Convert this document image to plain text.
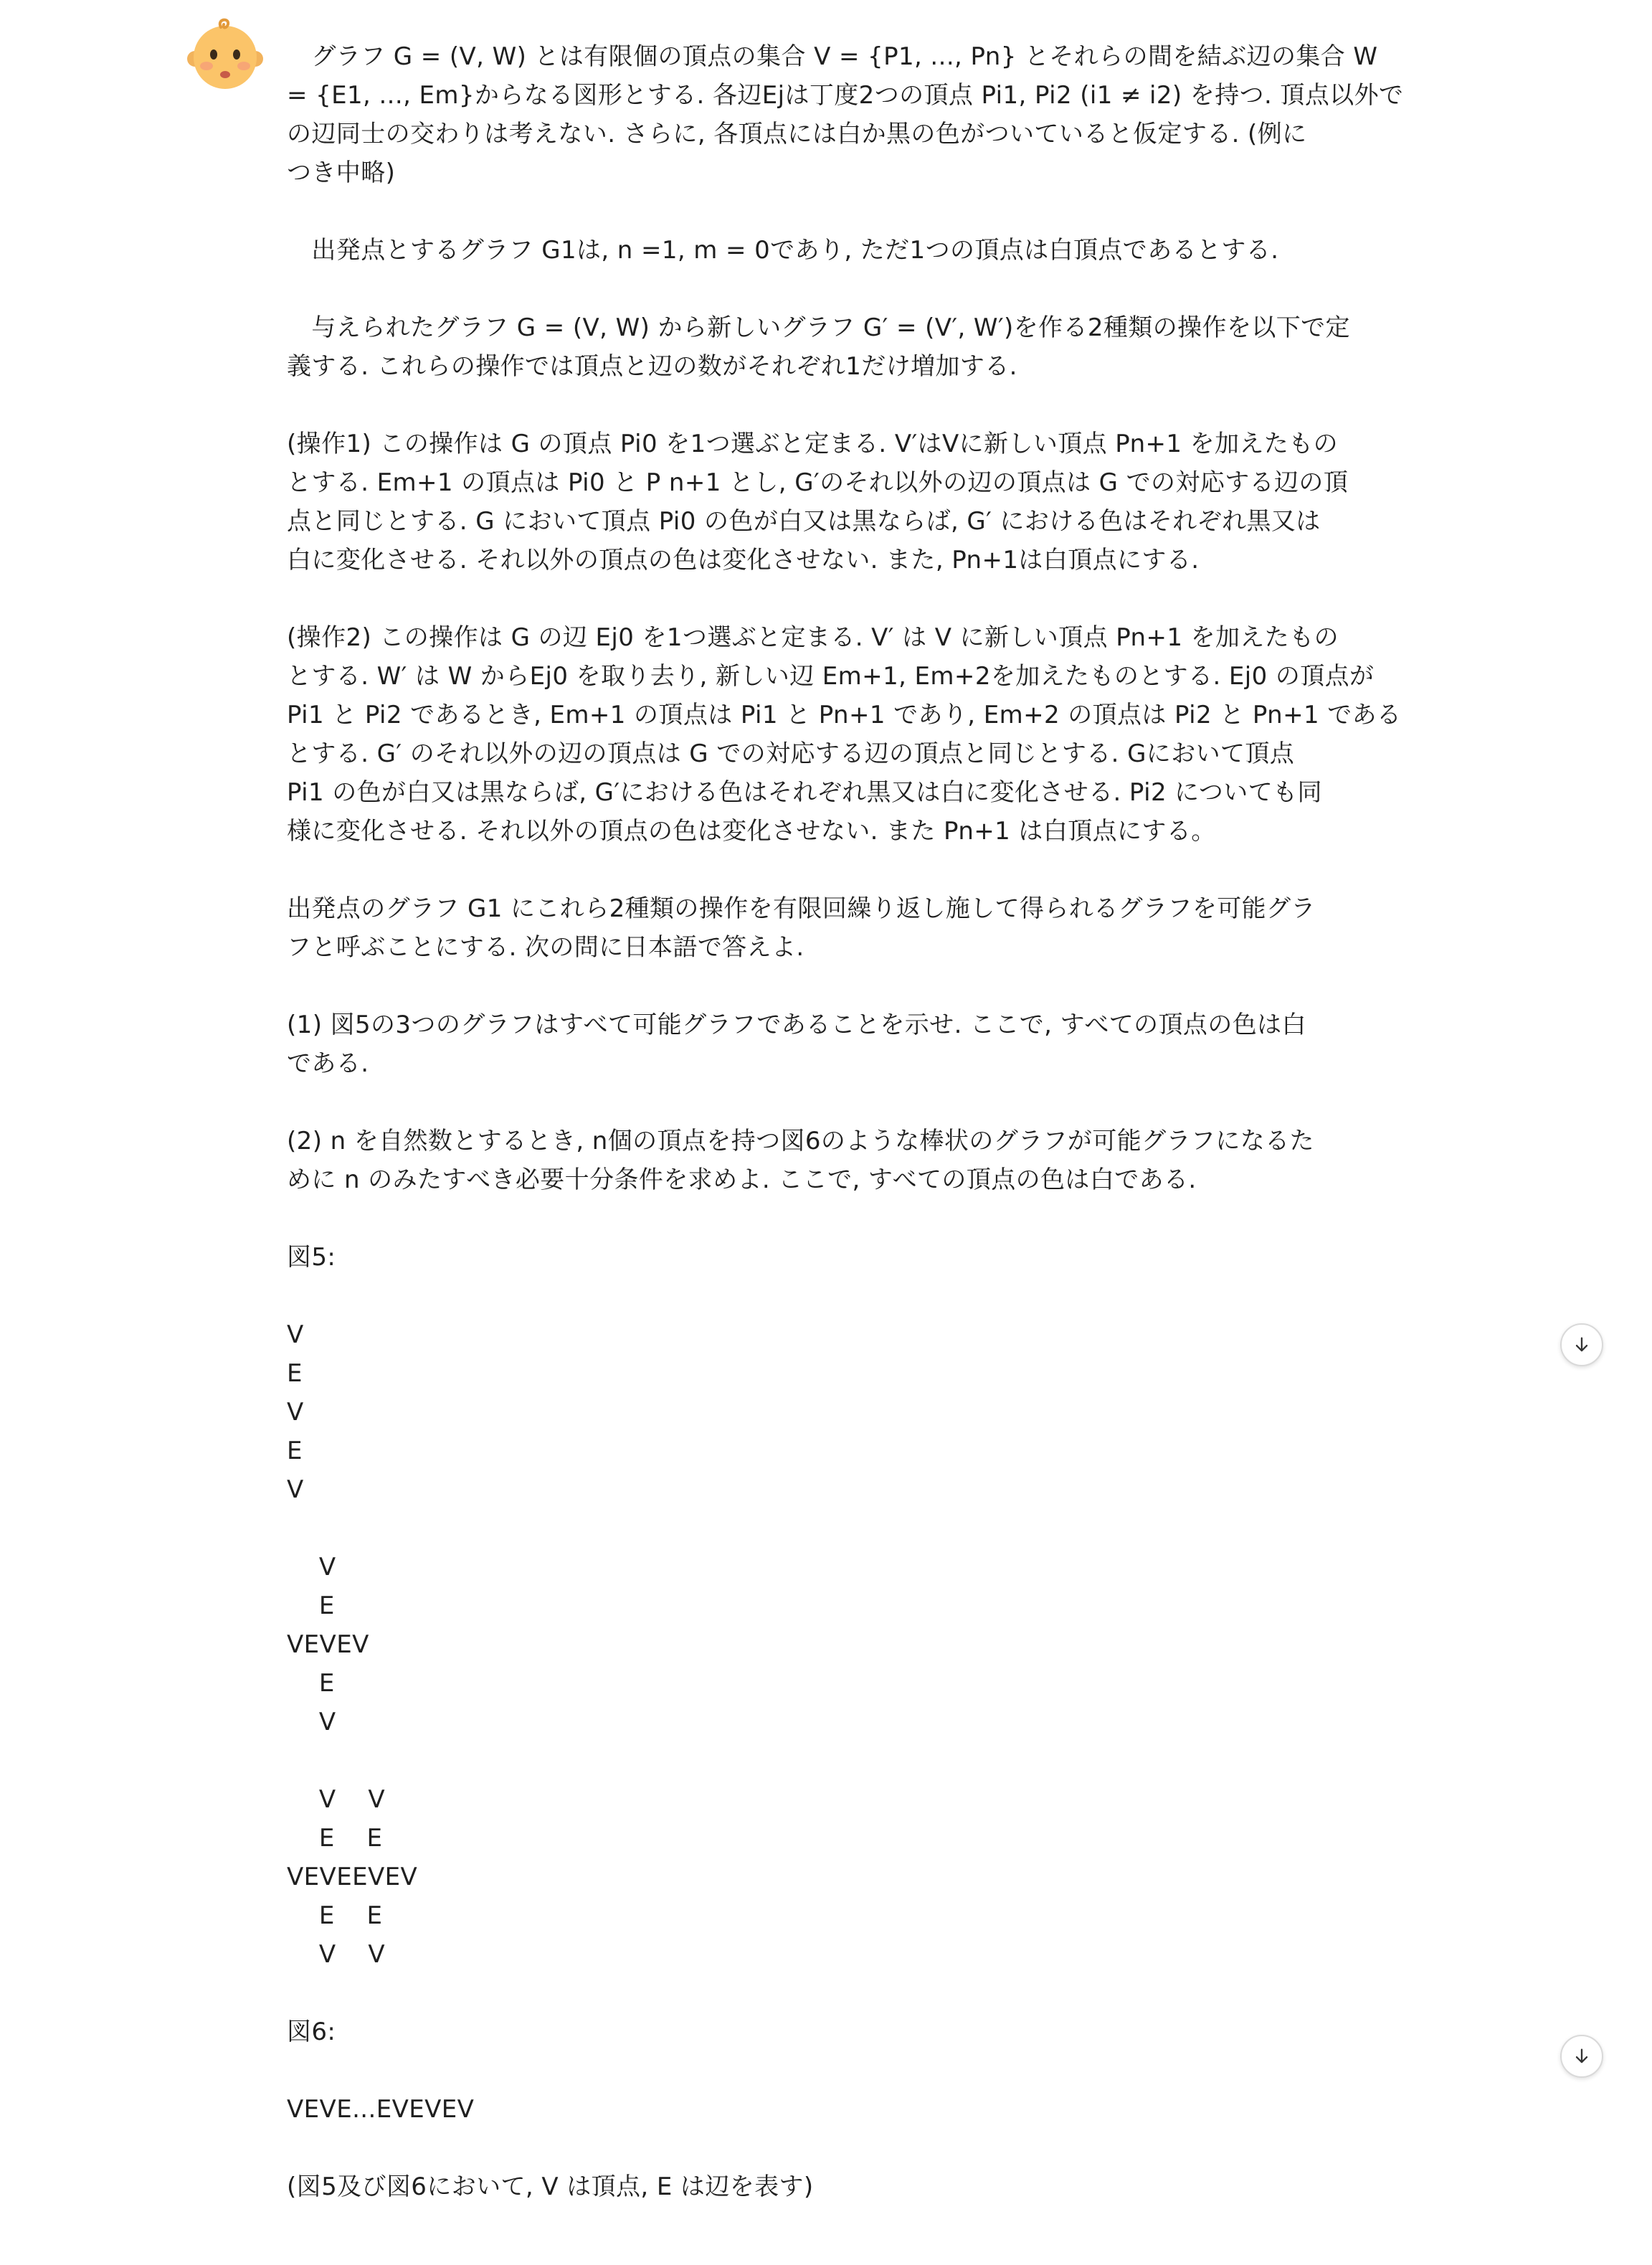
　グラフ G = (V, W) とは有限個の頂点の集合 V = {P1, ..., Pn} とそれらの間を結ぶ辺の集合 W
= {E1, ..., Em}からなる図形とする. 各辺Ejは丁度2つの頂点 Pi1, Pi2 (i1 ≠ i2) を持つ. 頂点以外で
の辺同士の交わりは考えない. さらに, 各頂点には白か黒の色がついていると仮定する. (例に
つき中略)
　出発点とするグラフ G1は, n =1, m = 0であり, ただ1つの頂点は白頂点であるとする.
　与えられたグラフ G = (V, W) から新しいグラフ G′ = (V′, W′)を作る2種類の操作を以下で定
義する. これらの操作では頂点と辺の数がそれぞれ1だけ増加する.
(操作1) この操作は G の頂点 Pi0 を1つ選ぶと定まる. V′はVに新しい頂点 Pn+1 を加えたもの
とする. Em+1 の頂点は Pi0 と P n+1 とし, G′のそれ以外の辺の頂点は G での対応する辺の頂
点と同じとする. G において頂点 Pi0 の色が白又は黒ならば, G′ における色はそれぞれ黒又は
白に変化させる. それ以外の頂点の色は変化させない. また, Pn+1は白頂点にする.
(操作2) この操作は G の辺 Ej0 を1つ選ぶと定まる. V′ は V に新しい頂点 Pn+1 を加えたもの
とする. W′ は W からEj0 を取り去り, 新しい辺 Em+1, Em+2を加えたものとする. Ej0 の頂点が
Pi1 と Pi2 であるとき, Em+1 の頂点は Pi1 と Pn+1 であり, Em+2 の頂点は Pi2 と Pn+1 である
とする. G′ のそれ以外の辺の頂点は G での対応する辺の頂点と同じとする. Gにおいて頂点
Pi1 の色が白又は黒ならば, G′における色はそれぞれ黒又は白に変化させる. Pi2 についても同
様に変化させる. それ以外の頂点の色は変化させない. また Pn+1 は白頂点にする。
出発点のグラフ G1 にこれら2種類の操作を有限回繰り返し施して得られるグラフを可能グラ
フと呼ぶことにする. 次の問に日本語で答えよ.
(1) 図5の3つのグラフはすべて可能グラフであることを示せ. ここで, すべての頂点の色は白
である.
(2) n を自然数とするとき, n個の頂点を持つ図6のような棒状のグラフが可能グラフになるた
めに n のみたすべき必要十分条件を求めよ. ここで, すべての頂点の色は白である.
図5:
V
E
V
E
V
V
E
VEVEV
E
V
V    V
E    E
VEVEEVEV
E    E
V    V
図6:
VEVE...EVEVEV
(図5及び図6において, V は頂点, E は辺を表す)
